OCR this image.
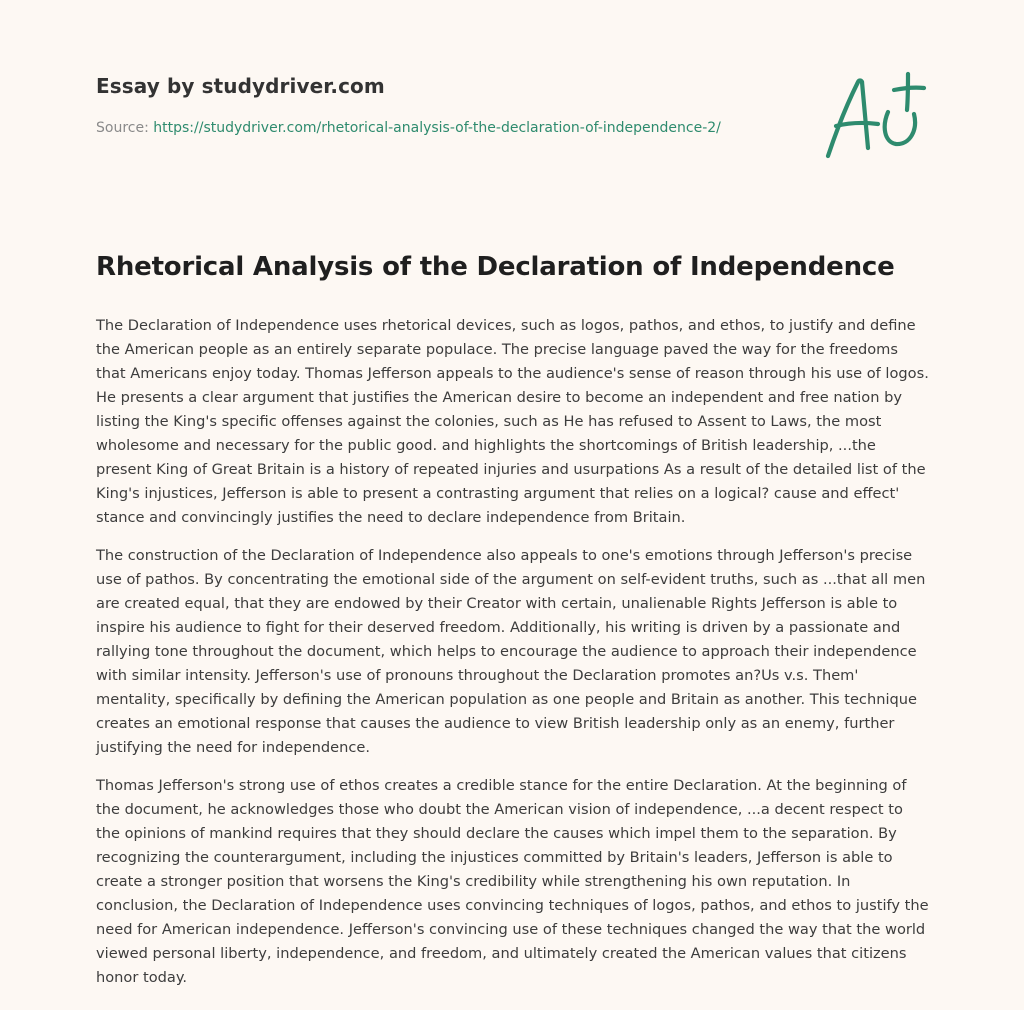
Essay by studydriver.com
Source: https://studydriver.com/rhetorical-analysis-of-the-declaration-of-independence-2/
Rhetorical Analysis of the Declaration of Independence

The Declaration of Independence uses rhetorical devices, such as logos, pathos, and ethos, to justify and define the American people as an entirely separate populace. The precise language paved the way for the freedoms that Americans enjoy today. Thomas Jefferson appeals to the audience's sense of reason through his use of logos. He presents a clear argument that justifies the American desire to become an independent and free nation by listing the King's specific offenses against the colonies, such as He has refused to Assent to Laws, the most wholesome and necessary for the public good. and highlights the shortcomings of British leadership, ...the present King of Great Britain is a history of repeated injuries and usurpations As a result of the detailed list of the King's injustices, Jefferson is able to present a contrasting argument that relies on a logical? cause and effect' stance and convincingly justifies the need to declare independence from Britain.

The construction of the Declaration of Independence also appeals to one's emotions through Jefferson's precise use of pathos. By concentrating the emotional side of the argument on self-evident truths, such as ...that all men are created equal, that they are endowed by their Creator with certain, unalienable Rights Jefferson is able to inspire his audience to fight for their deserved freedom. Additionally, his writing is driven by a passionate and rallying tone throughout the document, which helps to encourage the audience to approach their independence with similar intensity. Jefferson's use of pronouns throughout the Declaration promotes an?Us v.s. Them' mentality, specifically by defining the American population as one people and Britain as another. This technique creates an emotional response that causes the audience to view British leadership only as an enemy, further justifying the need for independence.

Thomas Jefferson's strong use of ethos creates a credible stance for the entire Declaration. At the beginning of the document, he acknowledges those who doubt the American vision of independence, ...a decent respect to the opinions of mankind requires that they should declare the causes which impel them to the separation. By recognizing the counterargument, including the injustices committed by Britain's leaders, Jefferson is able to create a stronger position that worsens the King's credibility while strengthening his own reputation. In conclusion, the Declaration of Independence uses convincing techniques of logos, pathos, and ethos to justify the need for American independence. Jefferson's convincing use of these techniques changed the way that the world viewed personal liberty, independence, and freedom, and ultimately created the American values that citizens honor today.
